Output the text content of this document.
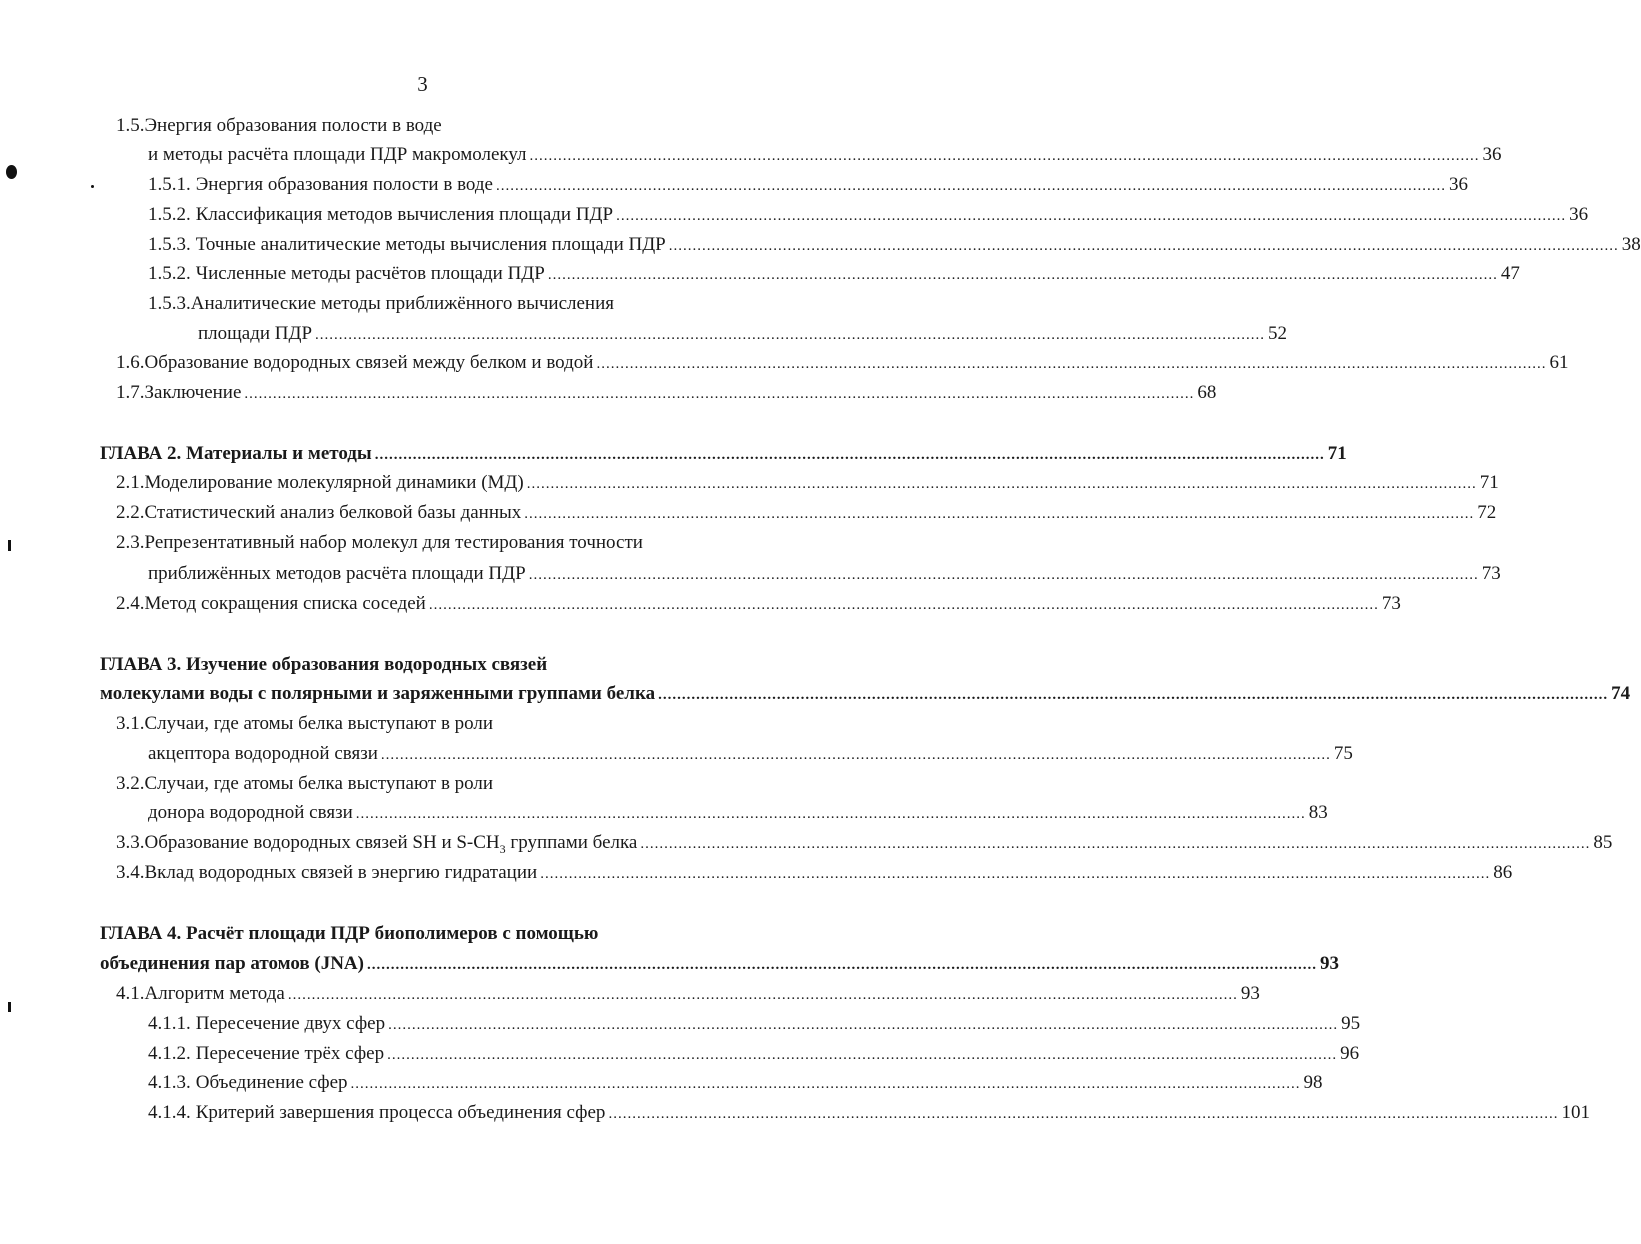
3
1.5.Энергия образования полости в воде
и методы расчёта площади ПДР макромолекул ........................................................................................................................................................................................................ 36
1.5.1. Энергия образования полости в воде ........................................................................................................................................................................................................ 36
1.5.2. Классификация методов вычисления площади ПДР ........................................................................................................................................................................................................ 36
1.5.3. Точные аналитические методы вычисления площади ПДР ........................................................................................................................................................................................................ 38
1.5.2. Численные методы расчётов площади ПДР ........................................................................................................................................................................................................ 47
1.5.3.Аналитические методы приближённого вычисления
площади ПДР ........................................................................................................................................................................................................ 52
1.6. Образование водородных связей между белком и водой ........................................................................................................................................................................................................ 61
1.7. Заключение ........................................................................................................................................................................................................ 68
ГЛАВА 2. Материалы и методы ........................................................................................................................................................................................................ 71
2.1. Моделирование молекулярной динамики (МД) ........................................................................................................................................................................................................ 71
2.2. Статистический анализ белковой базы данных ........................................................................................................................................................................................................ 72
2.3.Репрезентативный набор молекул для тестирования точности
приближённых методов расчёта площади ПДР ........................................................................................................................................................................................................ 73
2.4. Метод сокращения списка соседей ........................................................................................................................................................................................................ 73
ГЛАВА 3. Изучение образования водородных связей
молекулами воды с полярными и заряженными группами белка ........................................................................................................................................................................................................ 74
3.1.Случаи, где атомы белка выступают в роли
акцептора водородной связи ........................................................................................................................................................................................................ 75
3.2.Случаи, где атомы белка выступают в роли
донора водородной связи ........................................................................................................................................................................................................ 83
3.3. Образование водородных связей SH и $S-CH_3$ группами белка ........................................................................................................................................................................................................ 85
3.4. Вклад водородных связей в энергию гидратации ........................................................................................................................................................................................................ 86
ГЛАВА 4. Расчёт площади ПДР биополимеров с помощью
объединения пар атомов (JNA) ........................................................................................................................................................................................................ 93
4.1. Алгоритм метода ........................................................................................................................................................................................................ 93
4.1.1. Пересечение двух сфер ........................................................................................................................................................................................................ 95
4.1.2. Пересечение трёх сфер ........................................................................................................................................................................................................ 96
4.1.3. Объединение сфер ........................................................................................................................................................................................................ 98
4.1.4. Критерий завершения процесса объединения сфер ........................................................................................................................................................................................................ 101
